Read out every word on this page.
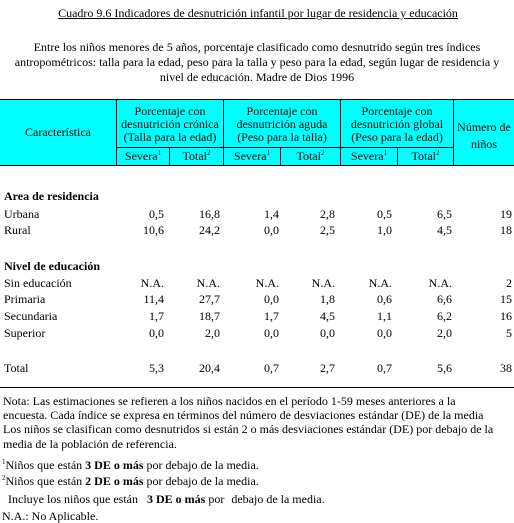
Cuadro 9.6 Indicadores de desnutrición infantil por lugar de residencia y educación
Entre los niños menores de 5 años, porcentaje clasificado como desnutrido según tres índices
antropométricos: talla para la edad, peso para la talla y peso para la edad, según lugar de residencia y
nivel de educación. Madre de Dios 1996
Característica
Porcentaje con
desnutrición crónica
(Talla para la edad)
Porcentaje con
desnutrición aguda
(Peso para la talla)
Porcentaje con
desnutrición global
(Peso para la edad)
Número de
niños
Severa$^1$	Total$^2$	Severa$^1$	Total$^2$	Severa$^1$	Total$^2$
Area de residencia
Urbana	0,5	16,8	1,4	2,8	0,5	6,5	19
Rural	10,6	24,2	0,0	2,5	1,0	4,5	18
Nivel de educación
Sin educación	N.A.	N.A.	N.A.	N.A.	N.A.	N.A.	2
Primaria	11,4	27,7	0,0	1,8	0,6	6,6	15
Secundaria	1,7	18,7	1,7	4,5	1,1	6,2	16
Superior	0,0	2,0	0,0	0,0	0,0	2,0	5
Total	5,3	20,4	0,7	2,7	0,7	5,6	38
Nota: Las estimaciones se refieren a los niños nacidos en el período 1-59 meses anteriores a la
encuesta. Cada índice se expresa en términos del número de desviaciones estándar (DE) de la media
Los niños se clasifican como desnutridos si están 2 o más desviaciones estándar (DE) por debajo de la
media de la población de referencia.
$^1$Niños que están 3 DE o más por debajo de la media.
$^2$Niños que están 2 DE o más por debajo de la media.
Incluye los niños que están 3 DE o más por debajo de la media.
N.A.: No Aplicable.
